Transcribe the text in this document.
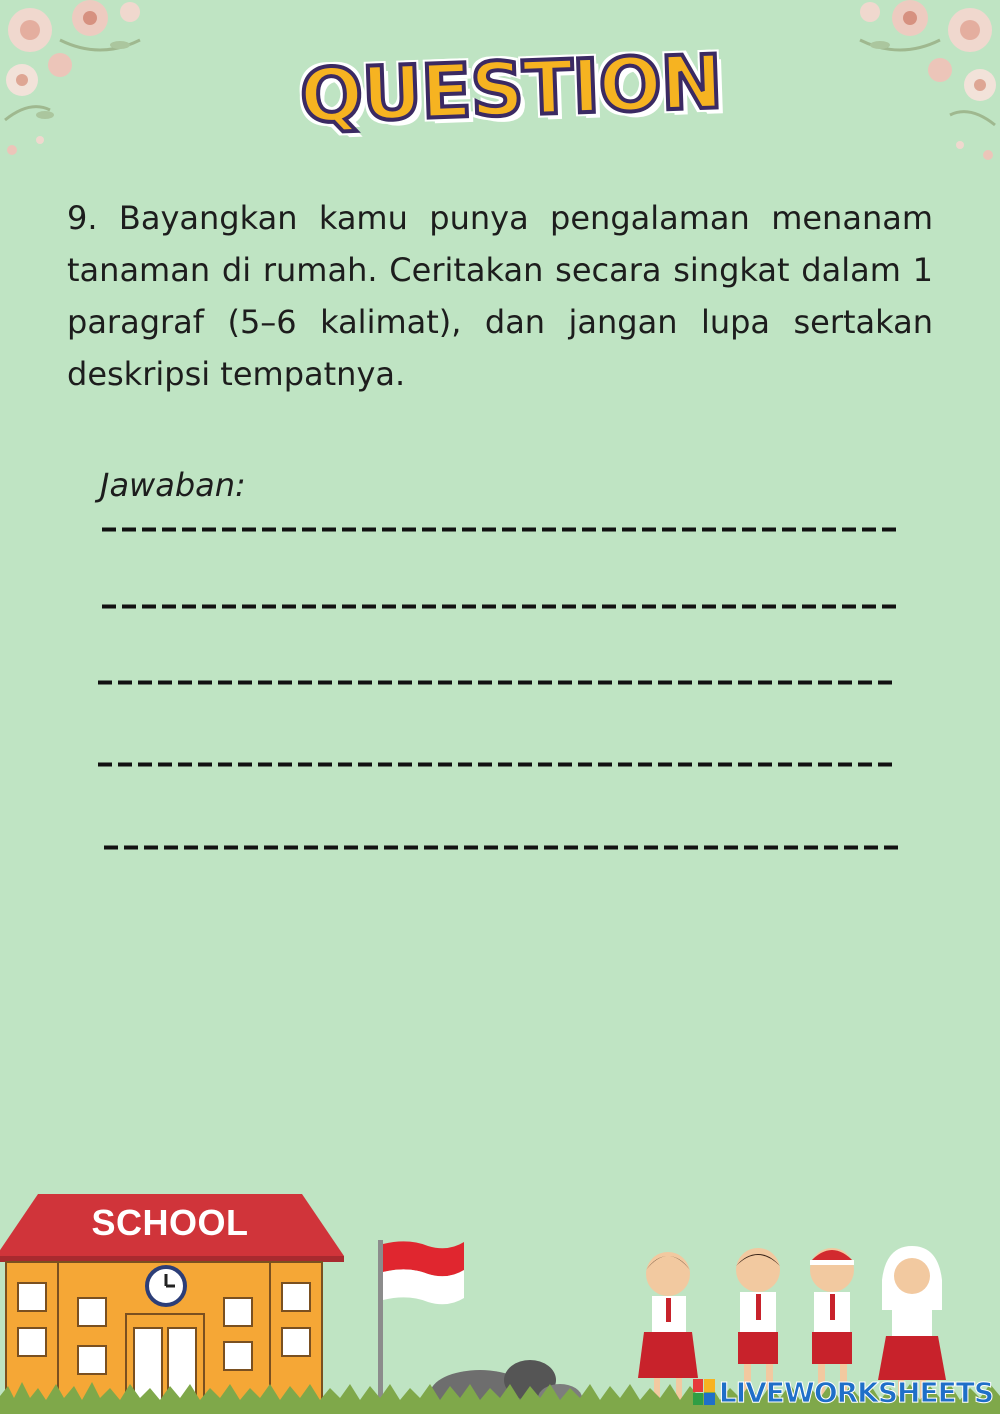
QUESTION

9. Bayangkan kamu punya pengalaman menanam tanaman di rumah. Ceritakan secara singkat dalam 1 paragraf (5–6 kalimat), dan jangan lupa sertakan deskripsi tempatnya.

Jawaban:
SCHOOL
LIVEWORKSHEETS
